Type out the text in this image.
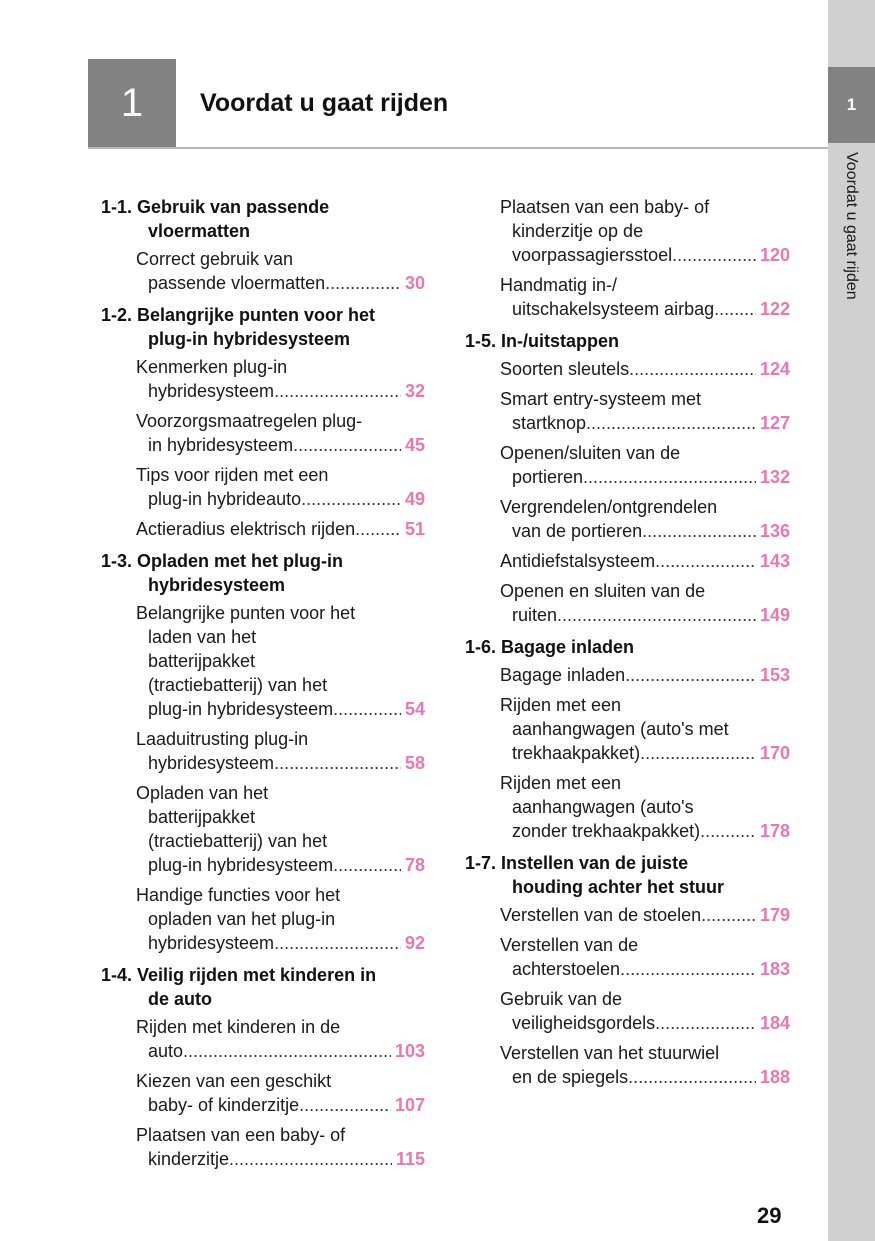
1
Voordat u gaat rijden
1 Voordat u gaat rijden
1-1. Gebruik van passende
vloermatten
Correct gebruik van
passende vloermatten .....	30
1-2. Belangrijke punten voor het
plug-in hybridesysteem
Kenmerken plug-in
hybridesysteem .....	32
Voorzorgsmaatregelen plug-
in hybridesysteem .....	45
Tips voor rijden met een
plug-in hybrideauto .....	49
Actieradius elektrisch rijden .....	51
1-3. Opladen met het plug-in
hybridesysteem
Belangrijke punten voor het
laden van het
batterijpakket
(tractiebatterij) van het
plug-in hybridesysteem .....	54
Laaduitrusting plug-in
hybridesysteem .....	58
Opladen van het
batterijpakket
(tractiebatterij) van het
plug-in hybridesysteem .....	78
Handige functies voor het
opladen van het plug-in
hybridesysteem .....	92
1-4. Veilig rijden met kinderen in
de auto
Rijden met kinderen in de
auto .....	103
Kiezen van een geschikt
baby- of kinderzitje .....	107
Plaatsen van een baby- of
kinderzitje .....	115
Plaatsen van een baby- of
kinderzitje op de
voorpassagiersstoel .....	120
Handmatig in-/
uitschakelsysteem airbag .....	122
1-5. In-/uitstappen
Soorten sleutels .....	124
Smart entry-systeem met
startknop .....	127
Openen/sluiten van de
portieren .....	132
Vergrendelen/ontgrendelen
van de portieren .....	136
Antidiefstalsysteem .....	143
Openen en sluiten van de
ruiten .....	149
1-6. Bagage inladen
Bagage inladen .....	153
Rijden met een
aanhangwagen (auto's met
trekhaakpakket) .....	170
Rijden met een
aanhangwagen (auto's
zonder trekhaakpakket) .....	178
1-7. Instellen van de juiste
houding achter het stuur
Verstellen van de stoelen .....	179
Verstellen van de
achterstoelen .....	183
Gebruik van de
veiligheidsgordels .....	184
Verstellen van het stuurwiel
en de spiegels .....	188
29
